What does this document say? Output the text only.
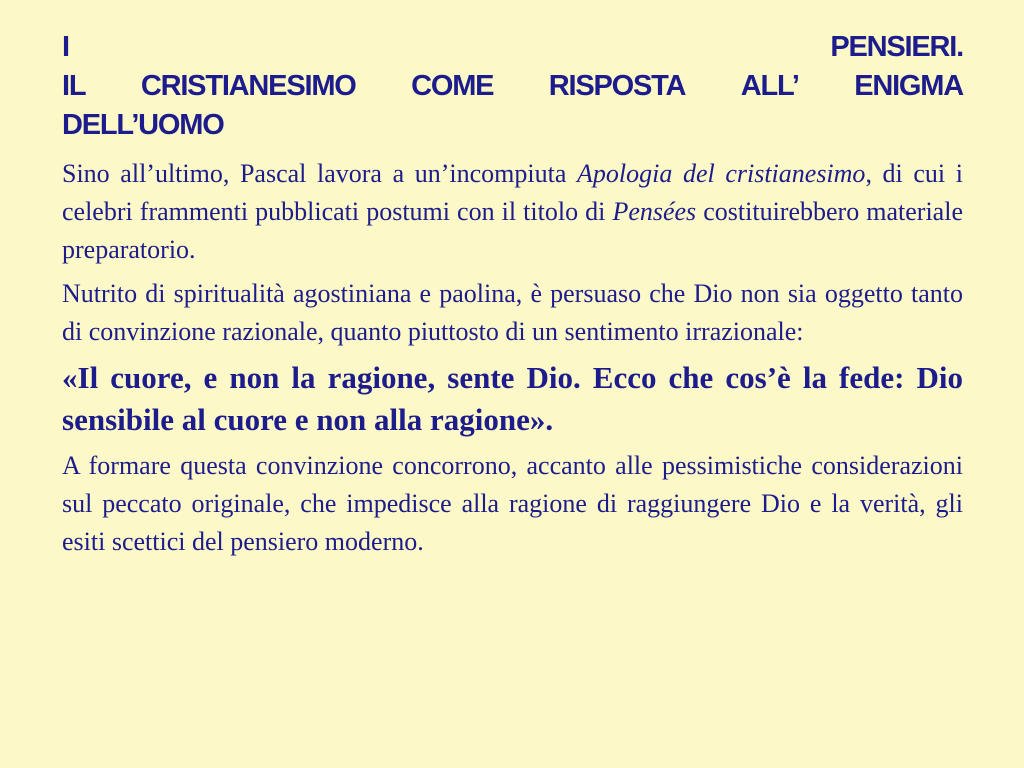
I	PENSIERI.
IL CRISTIANESIMO COME RISPOSTA ALL’ ENIGMA
DELL’UOMO

Sino all’ultimo, Pascal lavora a un’incompiuta Apologia del cristianesimo, di cui i celebri frammenti pubblicati postumi con il titolo di Pensées costituirebbero materiale preparatorio.

Nutrito di spiritualità agostiniana e paolina, è persuaso che Dio non sia oggetto tanto di convinzione razionale, quanto piuttosto di un sentimento irrazionale:

«Il cuore, e non la ragione, sente Dio. Ecco che cos’è la fede: Dio sensibile al cuore e non alla ragione».

A formare questa convinzione concorrono, accanto alle pessimistiche considerazioni sul peccato originale, che impedisce alla ragione di raggiungere Dio e la verità, gli esiti scettici del pensiero moderno.
